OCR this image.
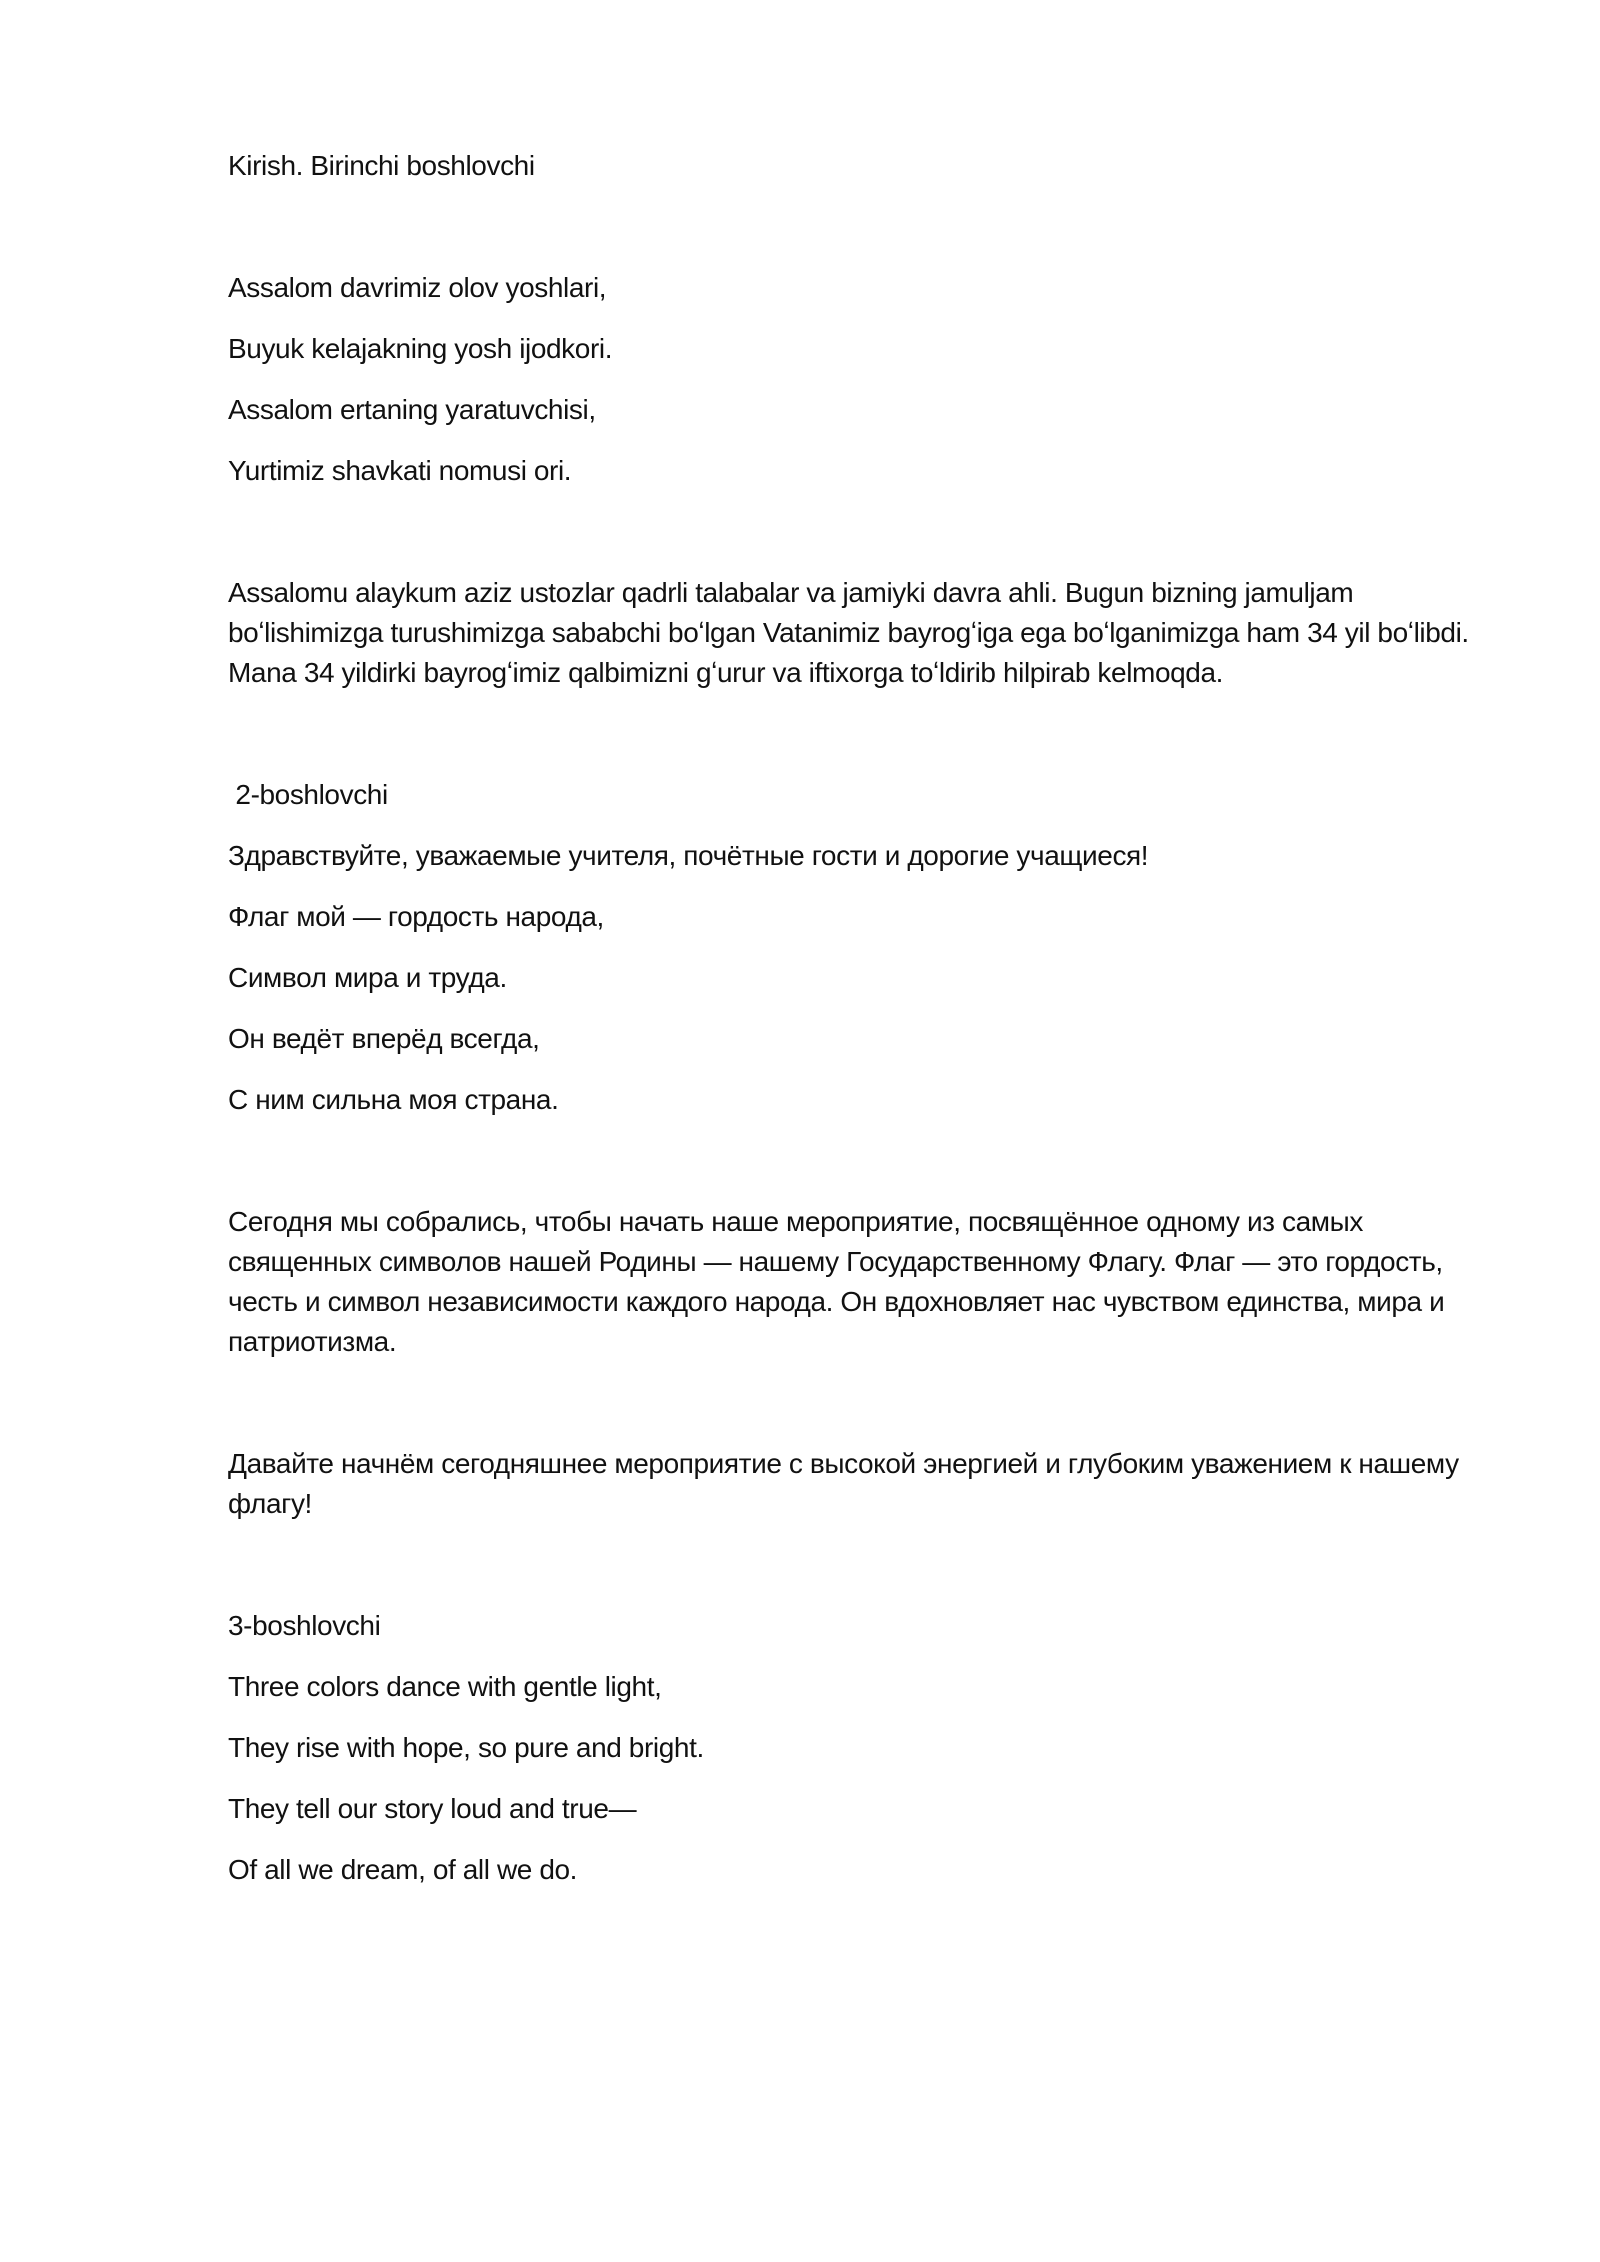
Kirish. Birinchi boshlovchi

Assalom davrimiz olov yoshlari,

Buyuk kelajakning yosh ijodkori.

Assalom ertaning yaratuvchisi,

Yurtimiz shavkati nomusi ori.

Assalomu alaykum aziz ustozlar qadrli talabalar va jamiyki davra ahli. Bugun bizning jamuljam boʻlishimizga turushimizga sababchi boʻlgan Vatanimiz bayrogʻiga ega boʻlganimizga ham 34 yil boʻlibdi. Mana 34 yildirki bayrogʻimiz qalbimizni gʻurur va iftixorga toʻldirib hilpirab kelmoqda.

2-boshlovchi

Здравствуйте, уважаемые учителя, почётные гости и дорогие учащиеся!

Флаг мой — гордость народа,

Символ мира и труда.

Он ведёт вперёд всегда,

С ним сильна моя страна.

Сегодня мы собрались, чтобы начать наше мероприятие, посвящённое одному из самых священных символов нашей Родины — нашему Государственному Флагу. Флаг — это гордость, честь и символ независимости каждого народа. Он вдохновляет нас чувством единства, мира и патриотизма.

Давайте начнём сегодняшнее мероприятие с высокой энергией и глубоким уважением к нашему флагу!

3-boshlovchi

Three colors dance with gentle light,

They rise with hope, so pure and bright.

They tell our story loud and true—

Of all we dream, of all we do.
